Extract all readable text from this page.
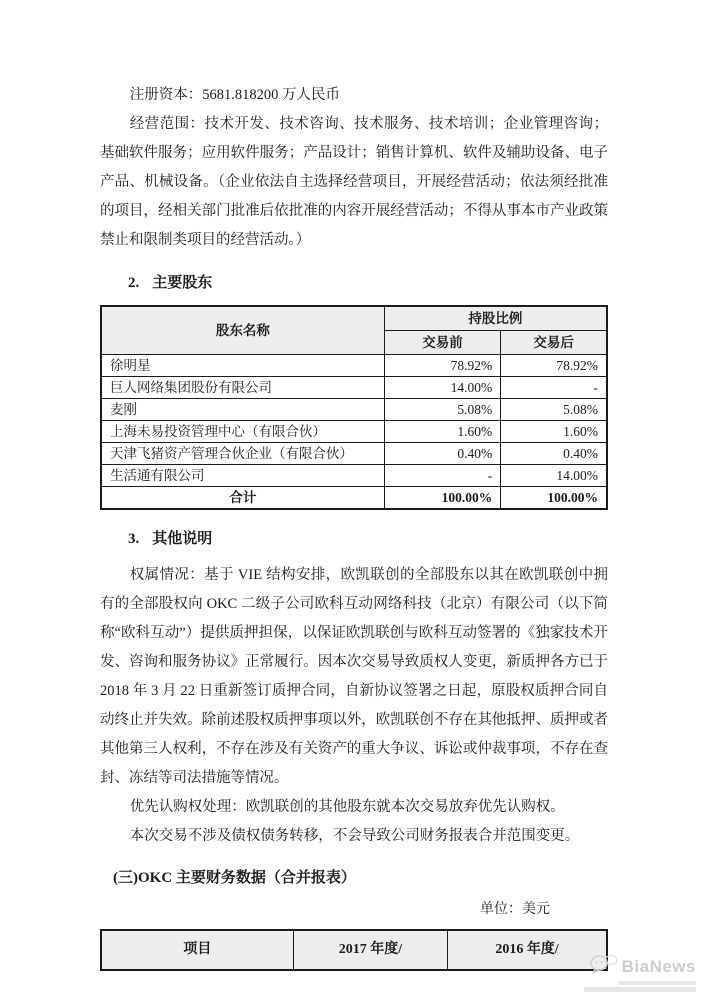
注册资本：5681.818200 万人民币

经营范围：技术开发、技术咨询、技术服务、技术培训；企业管理咨询；基础软件服务；应用软件服务；产品设计；销售计算机、软件及辅助设备、电子产品、机械设备。（企业依法自主选择经营项目，开展经营活动；依法须经批准的项目，经相关部门批准后依批准的内容开展经营活动；不得从事本市产业政策禁止和限制类项目的经营活动。）

2. 主要股东
股东名称	持股比例	
	交易前	交易后
徐明星	78.92%	78.92%
巨人网络集团股份有限公司	14.00%	-
麦刚	5.08%	5.08%
上海未易投资管理中心（有限合伙）	1.60%	1.60%
天津飞猪资产管理合伙企业（有限合伙）	0.40%	0.40%
生活通有限公司	-	14.00%
合计	100.00%	100.00%
3. 其他说明

权属情况：基于 VIE 结构安排，欧凯联创的全部股东以其在欧凯联创中拥有的全部股权向 OKC 二级子公司欧科互动网络科技（北京）有限公司（以下简称“欧科互动”）提供质押担保，以保证欧凯联创与欧科互动签署的《独家技术开发、咨询和服务协议》正常履行。因本次交易导致质权人变更，新质押各方已于 2018 年 3 月 22 日重新签订质押合同，自新协议签署之日起，原股权质押合同自动终止并失效。除前述股权质押事项以外，欧凯联创不存在其他抵押、质押或者其他第三人权利，不存在涉及有关资产的重大争议、诉讼或仲裁事项，不存在查封、冻结等司法措施等情况。

优先认购权处理：欧凯联创的其他股东就本次交易放弃优先认购权。

本次交易不涉及债权债务转移，不会导致公司财务报表合并范围变更。

(三)OKC 主要财务数据（合并报表）
单位：美元
项目	2017 年度/	2016 年度/
BiaNews
